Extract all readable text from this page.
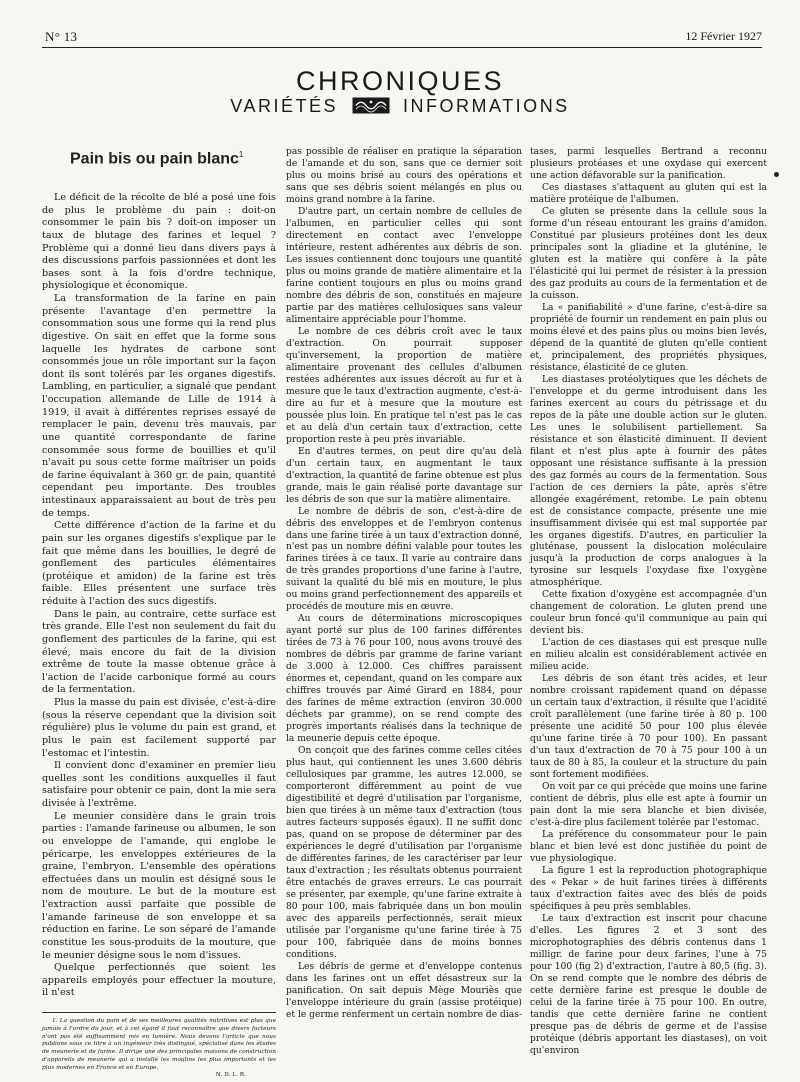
N° 13	12 Février 1927
CHRONIQUES
VARIÉTÉS	INFORMATIONS
Pain bis ou pain blanc$^1$

Le déficit de la récolte de blé a posé une fois de plus le problème du pain : doit-on consommer le pain bis ? doit-on imposer un taux de blutage des farines et lequel ? Problème qui a donné lieu dans divers pays à des discussions parfois passionnées et dont les bases sont à la fois d'ordre technique, physiologique et économique.

La transformation de la farine en pain présente l'avantage d'en permettre la consommation sous une forme qui la rend plus digestive. On sait en effet que la forme sous laquelle les hydrates de carbone sont consommés joue un rôle important sur la façon dont ils sont tolérés par les organes digestifs. Lambling, en particulier, a signalé que pendant l'occupation allemande de Lille de 1914 à 1919, il avait à différentes reprises essayé de remplacer le pain, devenu très mauvais, par une quantité correspondante de farine consommée sous forme de bouillies et qu'il n'avait pu sous cette forme maîtriser un poids de farine équivalant à 360 gr. de pain, quantité cependant peu importante. Des troubles intestinaux apparaissaient au bout de très peu de temps.

Cette différence d'action de la farine et du pain sur les organes digestifs s'explique par le fait que même dans les bouillies, le degré de gonflement des particules élémentaires (protéique et amidon) de la farine est très faible. Elles présentent une surface très réduite à l'action des sucs digestifs.

Dans le pain, au contraire, cette surface est très grande. Elle l'est non seulement du fait du gonflement des particules de la farine, qui est élevé, mais encore du fait de la division extrême de toute la masse obtenue grâce à l'action de l'acide carbonique formé au cours de la fermentation.

Plus la masse du pain est divisée, c'est-à-dire (sous la réserve cependant que la division soit régulière) plus le volume du pain est grand, et plus le pain est facilement supporté par l'estomac et l'intestin.

Il convient donc d'examiner en premier lieu quelles sont les conditions auxquelles il faut satisfaire pour obtenir ce pain, dont la mie sera divisée à l'extrême.

Le meunier considère dans le grain trois parties : l'amande farineuse ou albumen, le son ou enveloppe de l'amande, qui englobe le péricarpe, les enveloppes extérieures de la graine, l'embryon. L'ensemble des opérations effectuées dans un moulin est désigné sous le nom de mouture. Le but de la mouture est l'extraction aussi parfaite que possible de l'amande farineuse de son enveloppe et sa réduction en farine. Le son séparé de l'amande constitue les sous-produits de la mouture, que le meunier désigne sous le nom d'issues.

Quelque perfectionnés que soient les appareils employés pour effectuer la mouture, il n'est

pas possible de réaliser en pratique la séparation de l'amande et du son, sans que ce dernier soit plus ou moins brisé au cours des opérations et sans que ses débris soient mélangés en plus ou moins grand nombre à la farine.

D'autre part, un certain nombre de cellules de l'albumen, en particulier celles qui sont directement en contact avec l'enveloppe intérieure, restent adhérentes aux débris de son. Les issues contiennent donc toujours une quantité plus ou moins grande de matière alimentaire et la farine contient toujours en plus ou moins grand nombre des débris de son, constitués en majeure partie par des matières cellulosiques sans valeur alimentaire appréciable pour l'homme.

Le nombre de ces débris croît avec le taux d'extraction. On pourrait supposer qu'inversement, la proportion de matière alimentaire provenant des cellules d'albumen restées adhérentes aux issues décroît au fur et à mesure que le taux d'extraction augmente, c'est-à-dire au fur et à mesure que la mouture est poussée plus loin. En pratique tel n'est pas le cas et au delà d'un certain taux d'extraction, cette proportion reste à peu près invariable.

En d'autres termes, on peut dire qu'au delà d'un certain taux, en augmentant le taux d'extraction, la quantité de farine obtenue est plus grande, mais le gain réalisé porte davantage sur les débris de son que sur la matière alimentaire.

Le nombre de débris de son, c'est-à-dire de débris des enveloppes et de l'embryon contenus dans une farine tirée à un taux d'extraction donné, n'est pas un nombre défini valable pour toutes les farines tirées à ce taux. Il varie au contraire dans de très grandes proportions d'une farine à l'autre, suivant la qualité du blé mis en mouture, le plus ou moins grand perfectionnement des appareils et procédés de mouture mis en œuvre.

Au cours de déterminations microscopiques ayant porté sur plus de 100 farines différentes tirées de 73 à 76 pour 100, nous avons trouvé des nombres de débris par gramme de farine variant de 3.000 à 12.000. Ces chiffres paraissent énormes et, cependant, quand on les compare aux chiffres trouvés par Aimé Girard en 1884, pour des farines de même extraction (environ 30.000 déchets par gramme), on se rend compte des progrès importants réalisés dans la technique de la meunerie depuis cette époque.

On conçoit que des farines comme celles citées plus haut, qui contiennent les unes 3.600 débris cellulosiques par gramme, les autres 12.000, se comporteront différemment au point de vue digestibilité et degré d'utilisation par l'organisme, bien que tirées à un même taux d'extraction (tous autres facteurs supposés égaux). Il ne suffit donc pas, quand on se propose de déterminer par des expériences le degré d'utilisation par l'organisme de différentes farines, de les caractériser par leur taux d'extraction ; les résultats obtenus pourraient être entachés de graves erreurs. Le cas pourrait se présenter, par exemple, qu'une farine extraite à 80 pour 100, mais fabriquée dans un bon moulin avec des appareils perfectionnés, serait mieux utilisée par l'organisme qu'une farine tirée à 75 pour 100, fabriquée dans de moins bonnes conditions.

Les débris de germe et d'enveloppe contenus dans les farines ont un effet désastreux sur la panification. On sait depuis Mège Mouriès que l'enveloppe intérieure du grain (assise protéique) et le germe renferment un certain nombre de dias-

tases, parmi lesquelles Bertrand a reconnu plusieurs protéases et une oxydase qui exercent une action défavorable sur la panification.

Ces diastases s'attaquent au gluten qui est la matière protéique de l'albumen.

Ce gluten se présente dans la cellule sous la forme d'un réseau entourant les grains d'amidon. Constitué par plusieurs protéines dont les deux principales sont la gliadine et la gluténine, le gluten est la matière qui confère à la pâte l'élasticité qui lui permet de résister à la pression des gaz produits au cours de la fermentation et de la cuisson.

La « panifiabilité » d'une farine, c'est-à-dire sa propriété de fournir un rendement en pain plus ou moins élevé et des pains plus ou moins bien levés, dépend de la quantité de gluten qu'elle contient et, principalement, des propriétés physiques, résistance, élasticité de ce gluten.

Les diastases protéolytiques que les déchets de l'enveloppe et du germe introduisent dans les farines exercent au cours du pétrissage et du repos de la pâte une double action sur le gluten. Les unes le solubilisent partiellement. Sa résistance et son élasticité diminuent. Il devient filant et n'est plus apte à fournir des pâtes opposant une résistance suffisante à la pression des gaz formés au cours de la fermentation. Sous l'action de ces derniers la pâte, après s'être allongée exagérément, retombe. Le pain obtenu est de consistance compacte, présente une mie insuffisamment divisée qui est mal supportée par les organes digestifs. D'autres, en particulier la gluténase, poussent la dislocation moléculaire jusqu'à la production de corps analogues à la tyrosine sur lesquels l'oxydase fixe l'oxygène atmosphérique.

Cette fixation d'oxygène est accompagnée d'un changement de coloration. Le gluten prend une couleur brun foncé qu'il communique au pain qui devient bis.

L'action de ces diastases qui est presque nulle en milieu alcalin est considérablement activée en milieu acide.

Les débris de son étant très acides, et leur nombre croissant rapidement quand on dépasse un certain taux d'extraction, il résulte que l'acidité croît parallèlement (une farine tirée à 80 p. 100 présente une acidité 50 pour 100 plus élevée qu'une farine tirée à 70 pour 100). En passant d'un taux d'extraction de 70 à 75 pour 100 à un taux de 80 à 85, la couleur et la structure du pain sont fortement modifiées.

On voit par ce qui précède que moins une farine contient de débris, plus elle est apte à fournir un pain dont la mie sera blanche et bien divisée, c'est-à-dire plus facilement tolérée par l'estomac.

La préférence du consommateur pour le pain blanc et bien levé est donc justifiée du point de vue physiologique.

La figure 1 est la reproduction photographique des « Pekar » de huit farines tirées à différents taux d'extraction faites avec des blés de poids spécifiques à peu près semblables.

Le taux d'extraction est inscrit pour chacune d'elles. Les figures 2 et 3 sont des microphotographies des débris contenus dans 1 milligr. de farine pour deux farines, l'une à 75 pour 100 (fig 2) d'extraction, l'autre à 80,5 (fig. 3). On se rend compte que le nombre des débris de cette dernière farine est presque le double de celui de la farine tirée à 75 pour 100. En outre, tandis que cette dernière farine ne contient presque pas de débris de germe et de l'assise protéique (débris apportant les diastases), on voit qu'environ

1. La question du pain et de ses meilleures qualités nutritives est plus que jamais à l'ordre du jour, et à cet égard il faut reconnaître que divers facteurs n'ont pas été suffisamment mis en lumière. Nous devons l'article que nous publions sous ce titre à un ingénieur très distingué, spécialisé dans les études de meunerie et de farine. Il dirige une des principales maisons de construction d'appareils de meunerie qui a installé les moulins les plus importants et les plus modernes en France et en Europe.

N. D. L. R.
